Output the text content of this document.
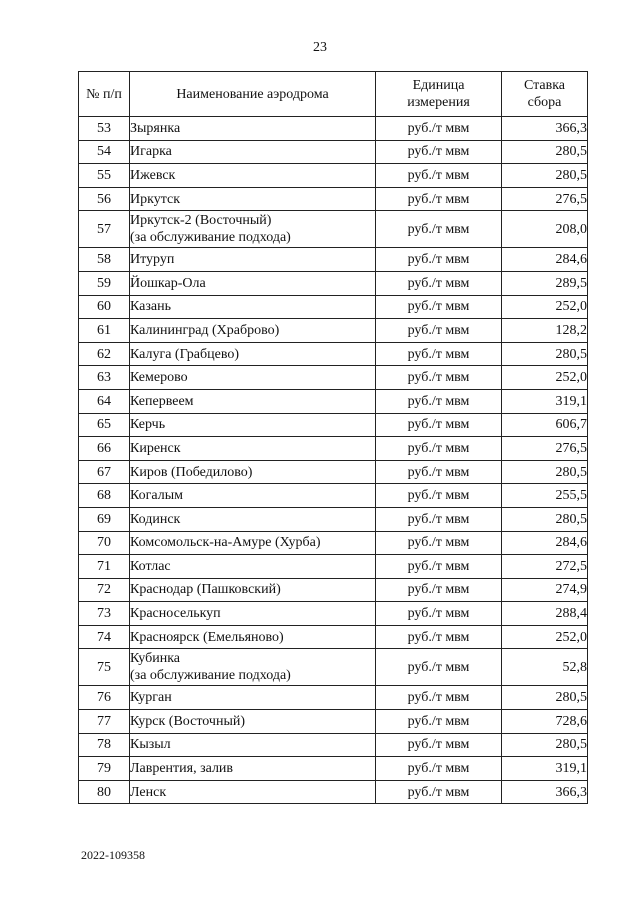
23
№ п/п	Наименование аэродрома	Единица измерения	Ставка сбора
53	Зырянка	руб./т мвм	366,3
54	Игарка	руб./т мвм	280,5
55	Ижевск	руб./т мвм	280,5
56	Иркутск	руб./т мвм	276,5
57	Иркутск-2 (Восточный)
(за обслуживание подхода)	руб./т мвм	208,0
58	Итуруп	руб./т мвм	284,6
59	Йошкар-Ола	руб./т мвм	289,5
60	Казань	руб./т мвм	252,0
61	Калининград (Храброво)	руб./т мвм	128,2
62	Калуга (Грабцево)	руб./т мвм	280,5
63	Кемерово	руб./т мвм	252,0
64	Кепервеем	руб./т мвм	319,1
65	Керчь	руб./т мвм	606,7
66	Киренск	руб./т мвм	276,5
67	Киров (Победилово)	руб./т мвм	280,5
68	Когалым	руб./т мвм	255,5
69	Кодинск	руб./т мвм	280,5
70	Комсомольск-на-Амуре (Хурба)	руб./т мвм	284,6
71	Котлас	руб./т мвм	272,5
72	Краснодар (Пашковский)	руб./т мвм	274,9
73	Красноселькуп	руб./т мвм	288,4
74	Красноярск (Емельяново)	руб./т мвм	252,0
75	Кубинка
(за обслуживание подхода)	руб./т мвм	52,8
76	Курган	руб./т мвм	280,5
77	Курск (Восточный)	руб./т мвм	728,6
78	Кызыл	руб./т мвм	280,5
79	Лаврентия, залив	руб./т мвм	319,1
80	Ленск	руб./т мвм	366,3
2022-109358
